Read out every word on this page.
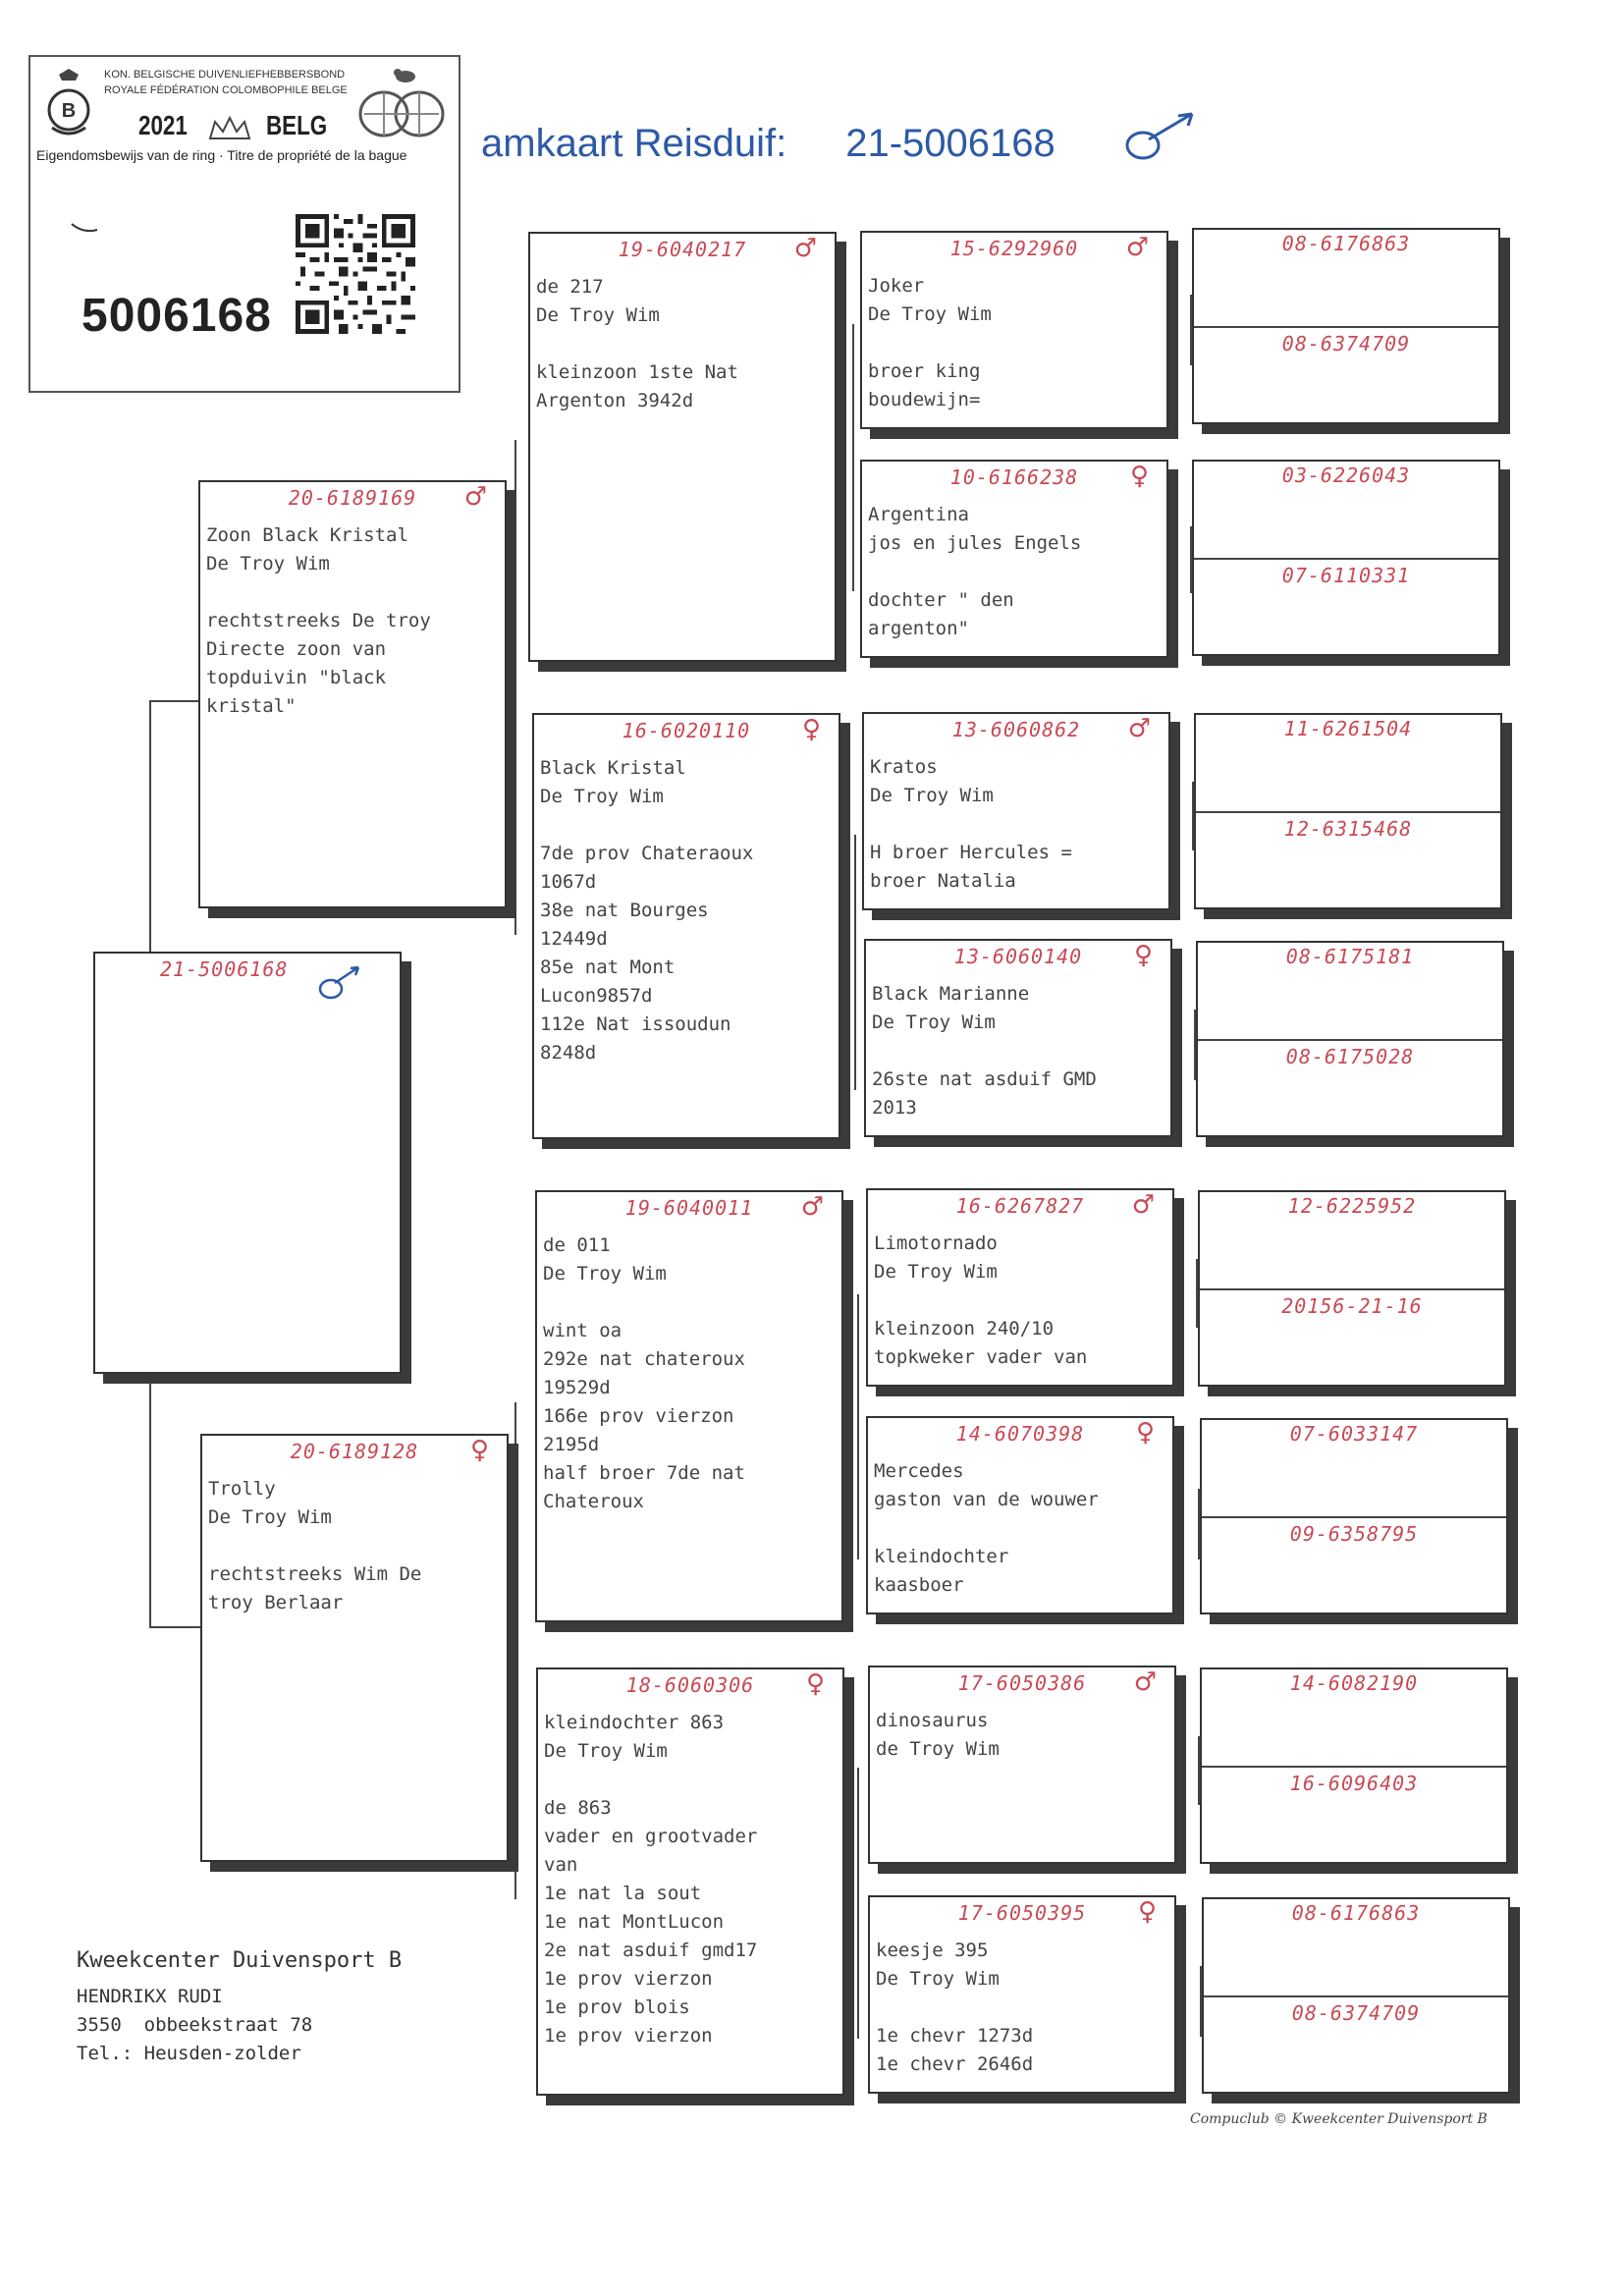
B
KON. BELGISCHE DUIVENLIEFHEBBERSBOND
ROYALE FÉDÉRATION COLOMBOPHILE BELGE
2021	BELG
Eigendomsbewijs van de ring · Titre de propriété de la bague
5006168
amkaart Reisduif: 21-5006168
21-5006168
20-6189169	♂
Zoon Black Kristal
De Troy Wim

rechtstreeks De troy
Directe zoon van
topduivin "black
kristal"
20-6189128	♀
Trolly
De Troy Wim

rechtstreeks Wim De
troy Berlaar
19-6040217	♂
de 217
De Troy Wim

kleinzoon 1ste Nat
Argenton 3942d
16-6020110	♀
Black Kristal
De Troy Wim

7de prov Chateraoux
1067d
38e nat Bourges
12449d
85e nat Mont
Lucon9857d
112e Nat issoudun
8248d
19-6040011	♂
de 011
De Troy Wim

wint oa
292e nat chateroux
19529d
166e prov vierzon
2195d
half broer 7de nat
Chateroux
18-6060306	♀
kleindochter 863
De Troy Wim

de 863
vader en grootvader
van
1e nat la sout
1e nat MontLucon
2e nat asduif gmd17
1e prov vierzon
1e prov blois
1e prov vierzon
15-6292960	♂
Joker
De Troy Wim

broer king
boudewijn=
10-6166238	♀
Argentina
jos en jules Engels

dochter " den
argenton"
13-6060862	♂
Kratos
De Troy Wim

H broer Hercules =
broer Natalia
13-6060140	♀
Black Marianne
De Troy Wim

26ste nat asduif GMD
2013
16-6267827	♂
Limotornado
De Troy Wim

kleinzoon 240/10
topkweker vader van
14-6070398	♀
Mercedes
gaston van de wouwer

kleindochter
kaasboer
17-6050386	♂
dinosaurus
de Troy Wim
17-6050395	♀
keesje 395
De Troy Wim

1e chevr 1273d
1e chevr 2646d
08-6176863
08-6374709
03-6226043
07-6110331
11-6261504
12-6315468
08-6175181
08-6175028
12-6225952
20156-21-16
07-6033147
09-6358795
14-6082190
16-6096403
08-6176863
08-6374709
Kweekcenter Duivensport B
HENDRIKX RUDI
3550  obbeekstraat 78
Tel.: Heusden-zolder
Compuclub © Kweekcenter Duivensport B
